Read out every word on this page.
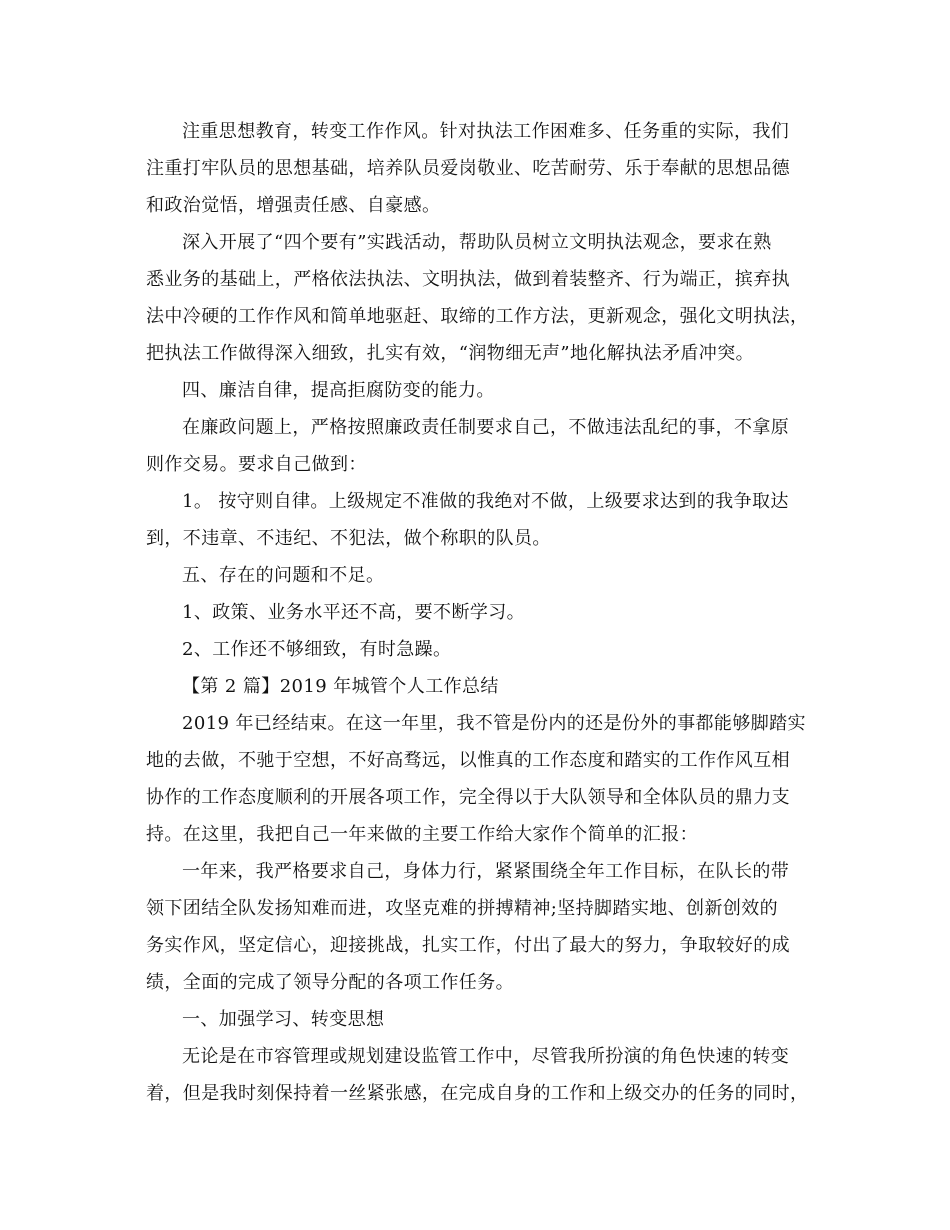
注重思想教育，转变工作作风。针对执法工作困难多、任务重的实际，我们
注重打牢队员的思想基础，培养队员爱岗敬业、吃苦耐劳、乐于奉献的思想品德
和政治觉悟，增强责任感、自豪感。
深入开展了“四个要有”实践活动，帮助队员树立文明执法观念，要求在熟
悉业务的基础上，严格依法执法、文明执法，做到着装整齐、行为端正，摈弃执
法中冷硬的工作作风和简单地驱赶、取缔的工作方法，更新观念，强化文明执法，
把执法工作做得深入细致，扎实有效，“润物细无声”地化解执法矛盾冲突。
四、廉洁自律，提高拒腐防变的能力。
在廉政问题上，严格按照廉政责任制要求自己，不做违法乱纪的事，不拿原
则作交易。要求自己做到：
1。 按守则自律。上级规定不准做的我绝对不做，上级要求达到的我争取达
到，不违章、不违纪、不犯法，做个称职的队员。
五、存在的问题和不足。
1、政策、业务水平还不高，要不断学习。
2、工作还不够细致，有时急躁。
【第 2 篇】2019 年城管个人工作总结
2019 年已经结束。在这一年里，我不管是份内的还是份外的事都能够脚踏实
地的去做，不驰于空想，不好高骛远，以惟真的工作态度和踏实的工作作风互相
协作的工作态度顺利的开展各项工作，完全得以于大队领导和全体队员的鼎力支
持。在这里，我把自己一年来做的主要工作给大家作个简单的汇报：
一年来，我严格要求自己，身体力行，紧紧围绕全年工作目标，在队长的带
领下团结全队发扬知难而进，攻坚克难的拼搏精神;坚持脚踏实地、创新创效的
务实作风，坚定信心，迎接挑战，扎实工作，付出了最大的努力，争取较好的成
绩，全面的完成了领导分配的各项工作任务。
一、加强学习、转变思想
无论是在市容管理或规划建设监管工作中，尽管我所扮演的角色快速的转变
着，但是我时刻保持着一丝紧张感，在完成自身的工作和上级交办的任务的同时，
